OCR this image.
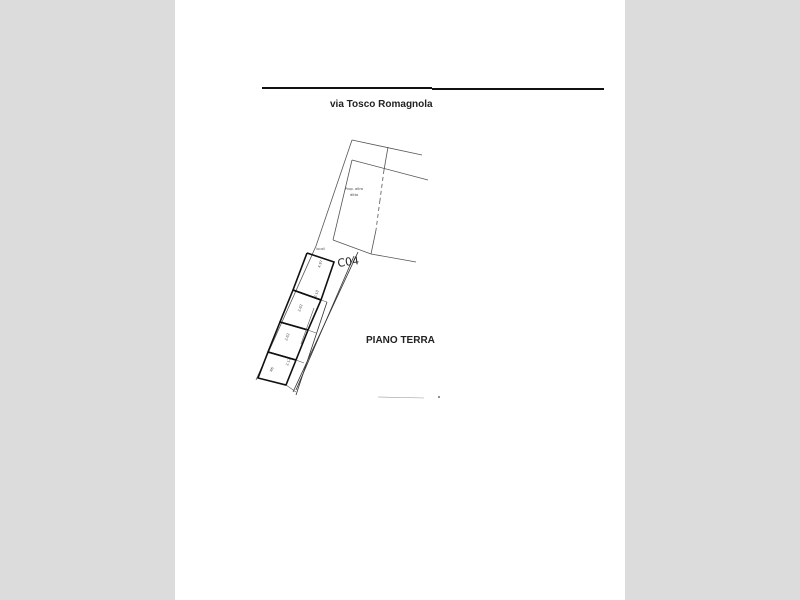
via Tosco Romagnola
PIANO TERRA
Prop. altra
ditta
4.97
2.62
2.62
R6
3.10
2.12
C04
locali
